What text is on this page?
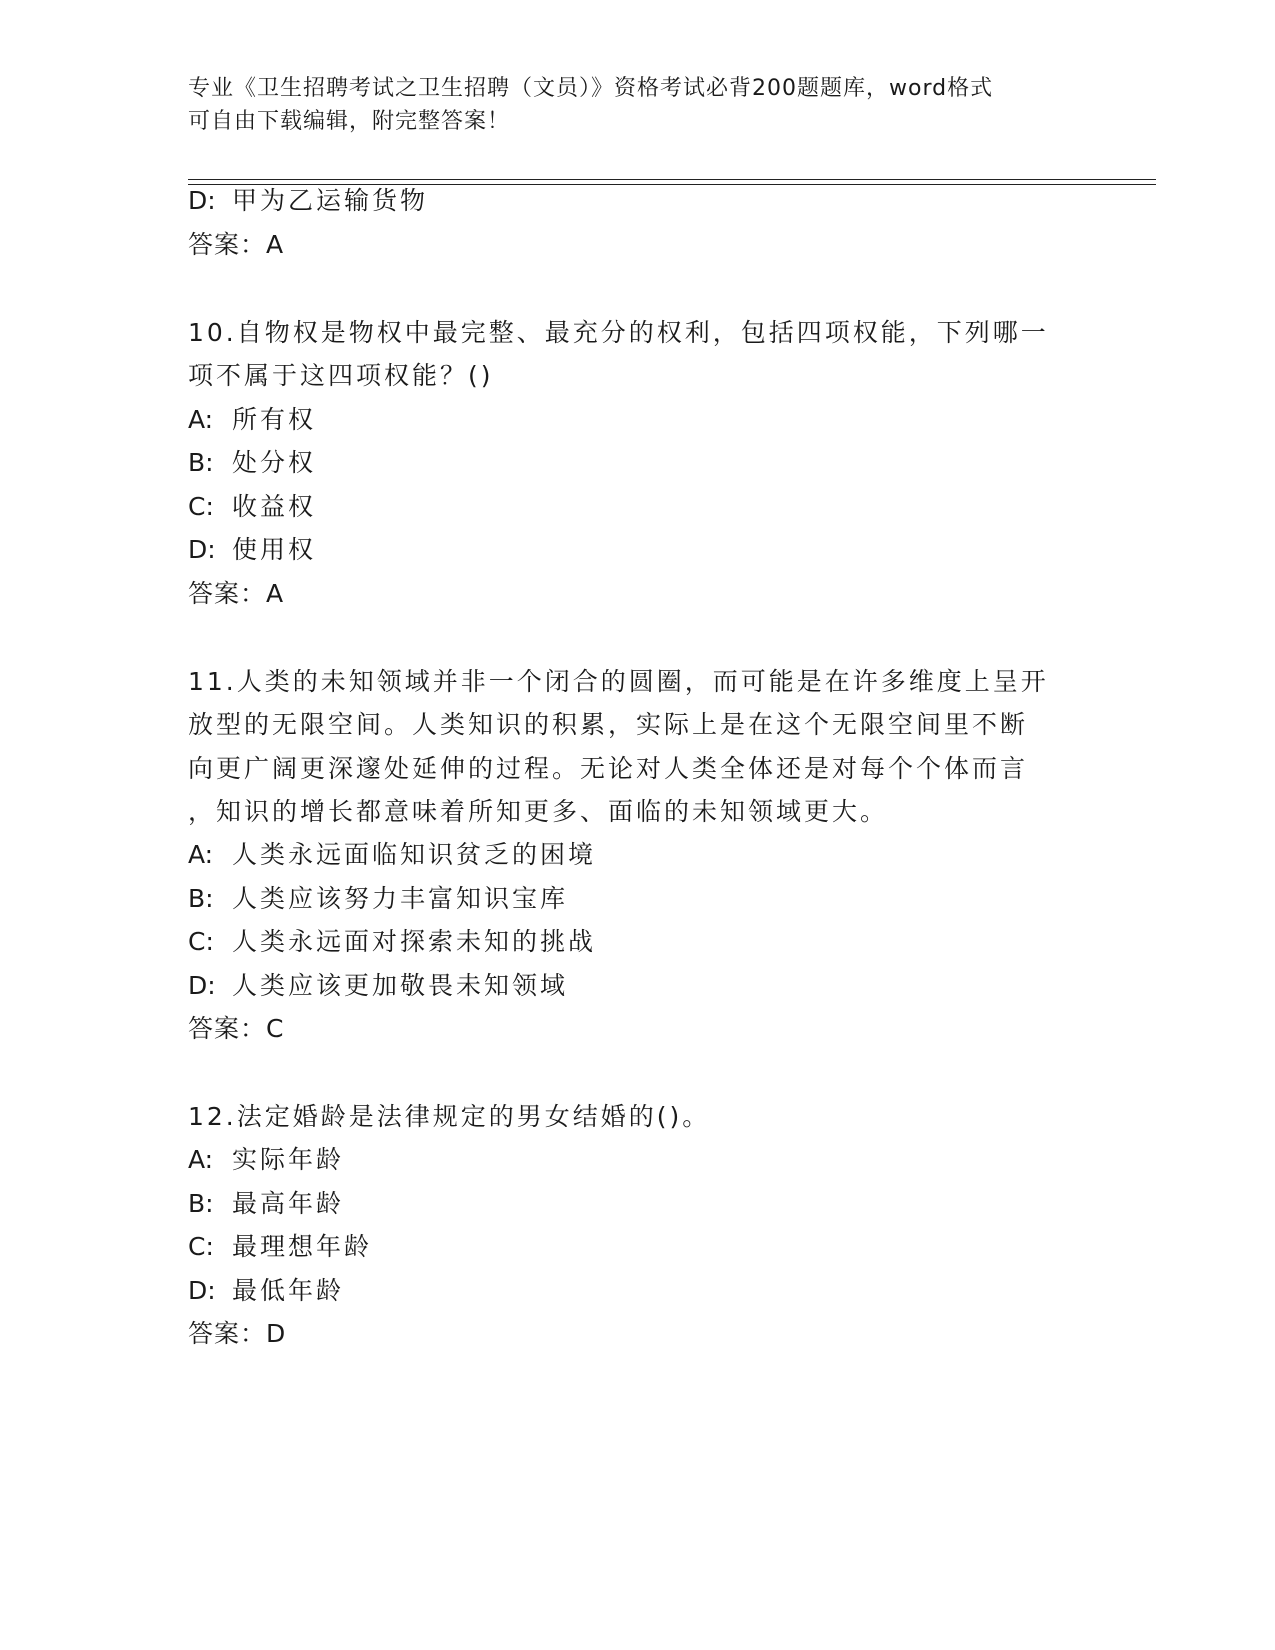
专业《卫生招聘考试之卫生招聘（文员）》资格考试必背200题题库，word格式
可自由下载编辑，附完整答案！
D: 甲为乙运输货物
答案：A
10.自物权是物权中最完整、最充分的权利，包括四项权能，下列哪一
项不属于这四项权能？()
A: 所有权
B: 处分权
C: 收益权
D: 使用权
答案：A
11.人类的未知领域并非一个闭合的圆圈，而可能是在许多维度上呈开
放型的无限空间。人类知识的积累，实际上是在这个无限空间里不断
向更广阔更深邃处延伸的过程。无论对人类全体还是对每个个体而言
，知识的增长都意味着所知更多、面临的未知领域更大。
A: 人类永远面临知识贫乏的困境
B: 人类应该努力丰富知识宝库
C: 人类永远面对探索未知的挑战
D: 人类应该更加敬畏未知领域
答案：C
12.法定婚龄是法律规定的男女结婚的()。
A: 实际年龄
B: 最高年龄
C: 最理想年龄
D: 最低年龄
答案：D
